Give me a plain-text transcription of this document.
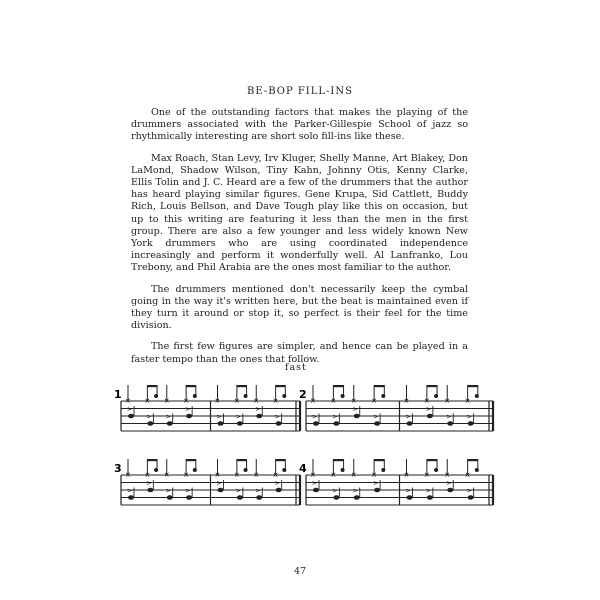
BE-BOP FILL-INS

One of the outstanding factors that makes the playing of the drummers associated with the Parker-Gillespie School of jazz so rhythmically interesting are short solo fill-ins like these.

Max Roach, Stan Levy, Irv Kluger, Shelly Manne, Art Blakey, Don LaMond, Shadow Wilson, Tiny Kahn, Johnny Otis, Kenny Clarke, Ellis Tolin and J. C. Heard are a few of the drummers that the author has heard playing similar figures. Gene Krupa, Sid Cattlett, Buddy Rich, Louis Bellson, and Dave Tough play like this on occasion, but up to this writing are featuring it less than the men in the first group. There are also a few younger and less widely known New York drummers who are using coordinated independence increasingly and perform it wonderfully well. Al Lanfranko, Lou Trebony, and Phil Arabia are the ones most familiar to the author.

The drummers mentioned don't necessarily keep the cymbal going in the way it's written here, but the beat is maintained even if they turn it around or stop it, so perfect is their feel for the time division.

The first few figures are simpler, and hence can be played in a faster tempo than the ones that follow.

fast
1	2
3	4
×
>
×
>
×
>
×
>
×
>
×
>
×
>
×
>
×
>
×
>
×
>
×
>
×
>
×
>
×
>
×
>
×
>
×
>
×
>
×
>
×
>
×
>
×
>
×
>
×
>
×
>
×
>
×
>
×
>
×
>
×
>
×
>
47
